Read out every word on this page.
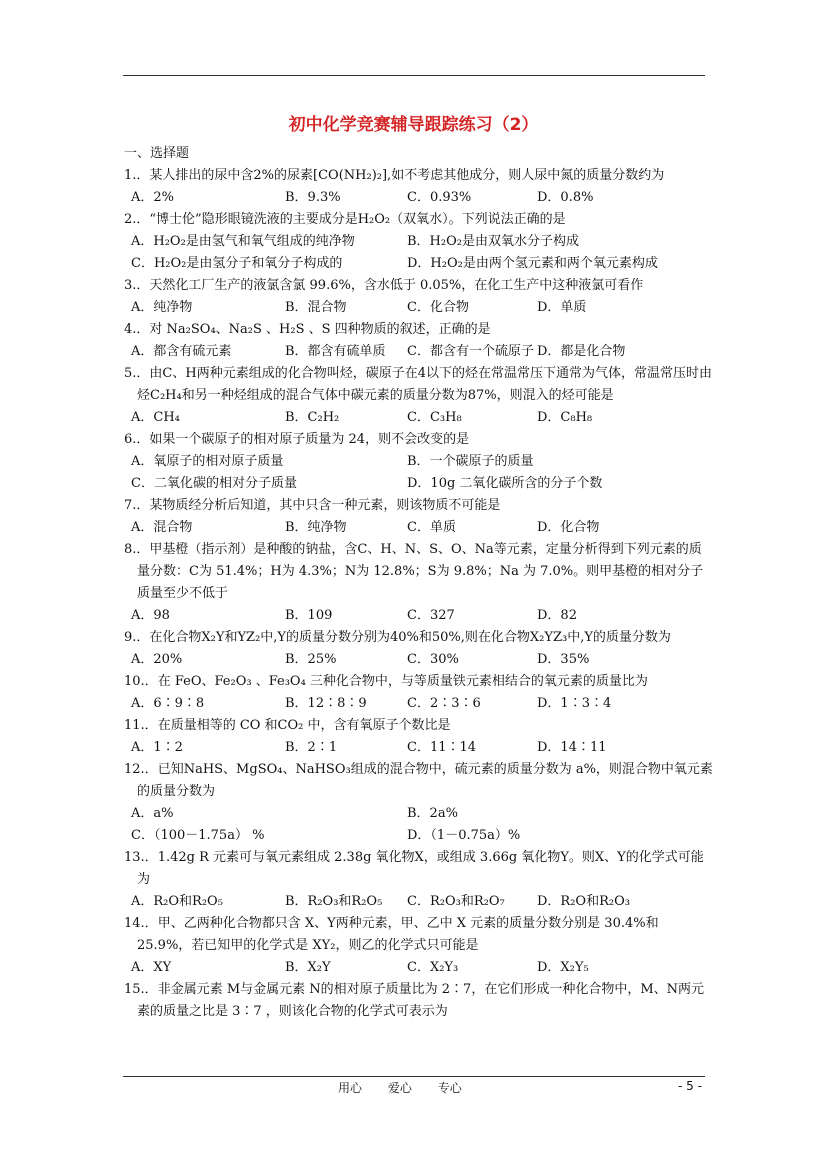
初中化学竞赛辅导跟踪练习（2）
一、选择题
1.．某人排出的尿中含2%的尿素[CO(NH₂)₂],如不考虑其他成分，则人尿中氮的质量分数约为
A．2%	B．9.3%	C．0.93%	D．0.8%
2.．“博士伦”隐形眼镜洗液的主要成分是H₂O₂（双氧水）。下列说法正确的是
A．H₂O₂是由氢气和氧气组成的纯净物	B．H₂O₂是由双氧水分子构成
C．H₂O₂是由氢分子和氧分子构成的	D．H₂O₂是由两个氢元素和两个氧元素构成
3.．天然化工厂生产的液氯含氯 99.6%，含水低于 0.05%，在化工生产中这种液氯可看作
A．纯净物	B．混合物	C．化合物	D．单质
4.．对 Na₂SO₄、Na₂S 、H₂S 、S 四种物质的叙述，正确的是
A．都含有硫元素	B．都含有硫单质	C．都含有一个硫原子 D．都是化合物
5.．由C、H两种元素组成的化合物叫烃，碳原子在4以下的烃在常温常压下通常为气体，常温常压时由烃C₂H₄和另一种烃组成的混合气体中碳元素的质量分数为87%，则混入的烃可能是
A．CH₄	B．C₂H₂	C．C₃H₈	D．C₈H₈
6.．如果一个碳原子的相对原子质量为 24，则不会改变的是
A．氧原子的相对原子质量	B．一个碳原子的质量
C．二氧化碳的相对分子质量	D．10g 二氧化碳所含的分子个数
7.．某物质经分析后知道，其中只含一种元素，则该物质不可能是
A．混合物	B．纯净物	C．单质	D．化合物
8.．甲基橙（指示剂）是种酸的钠盐，含C、H、N、S、O、Na等元素，定量分析得到下列元素的质量分数：C为 51.4%；H为 4.3%；N为 12.8%；S为 9.8%；Na 为 7.0%。则甲基橙的相对分子质量至少不低于
A．98	B．109	C．327	D．82
9.．在化合物X₂Y和YZ₂中,Y的质量分数分别为40%和50%,则在化合物X₂YZ₃中,Y的质量分数为
A．20%	B．25%	C．30%	D．35%
10.．在 FeO、Fe₂O₃ 、Fe₃O₄ 三种化合物中，与等质量铁元素相结合的氧元素的质量比为
A．6∶9∶8	B．12∶8∶9	C．2∶3∶6	D．1∶3∶4
11.．在质量相等的 CO 和CO₂ 中，含有氧原子个数比是
A．1∶2	B．2∶1	C．11∶14	D．14∶11
12.．已知NaHS、MgSO₄、NaHSO₃组成的混合物中，硫元素的质量分数为 a%，则混合物中氧元素的质量分数为
A．a%	B．2a%
C．（100－1.75a） %	D．（1－0.75a）%
13.．1.42g R 元素可与氧元素组成 2.38g 氧化物X，或组成 3.66g 氧化物Y。则X、Y的化学式可能为
A．R₂O和R₂O₅	B．R₂O₃和R₂O₅	C．R₂O₃和R₂O₇	D．R₂O和R₂O₃
14.．甲、乙两种化合物都只含 X、Y两种元素，甲、乙中 X 元素的质量分数分别是 30.4%和 25.9%，若已知甲的化学式是 XY₂，则乙的化学式只可能是
A．XY	B．X₂Y	C．X₂Y₃	D．X₂Y₅
15.．非金属元素 M与金属元素 N的相对原子质量比为 2∶7，在它们形成一种化合物中，M、N两元素的质量之比是 3∶7 ，则该化合物的化学式可表示为
用心 爱心 专心	- 5 -
